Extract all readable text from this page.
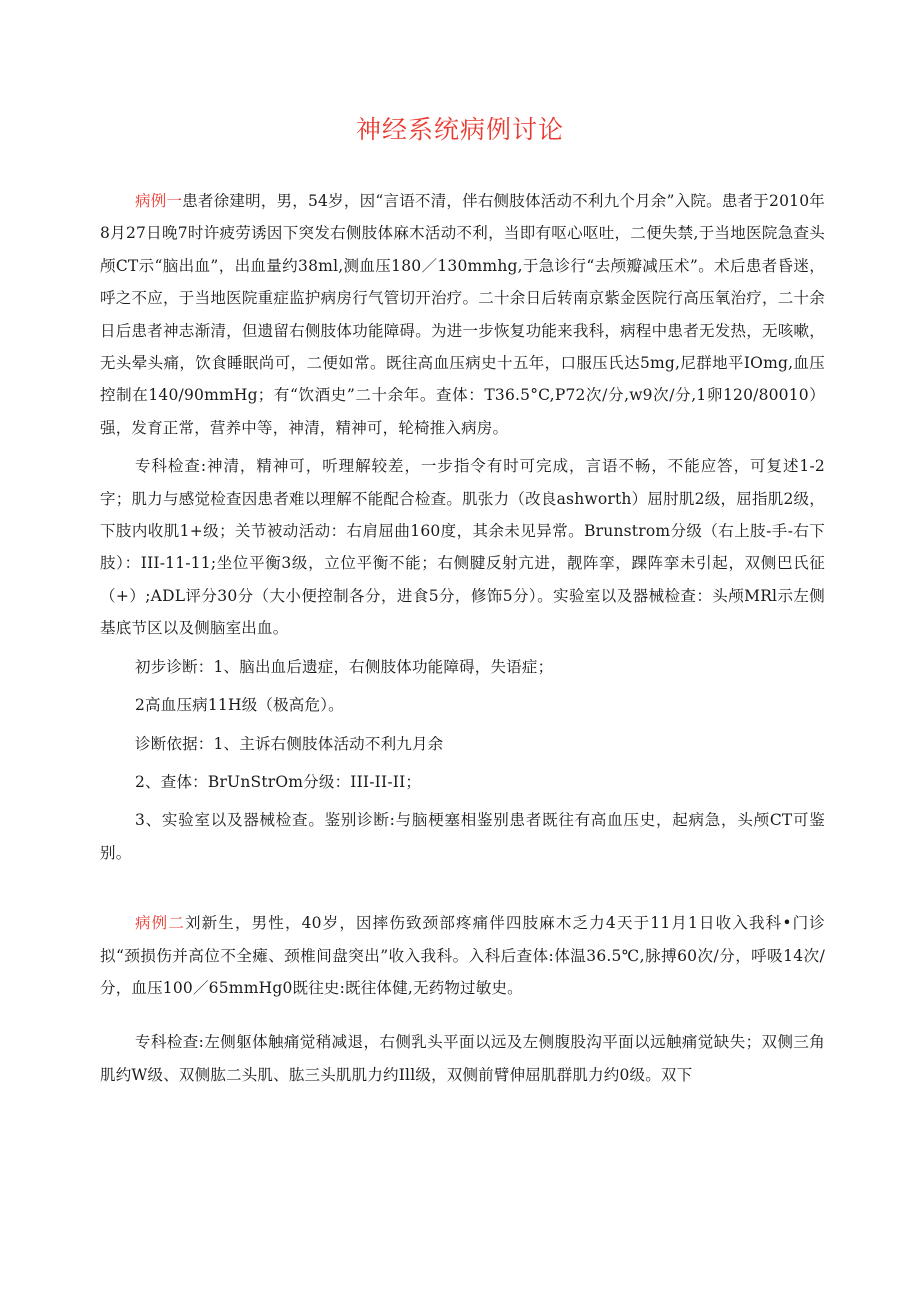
神经系统病例讨论

病例一患者徐建明，男，54岁，因“言语不清，伴右侧肢体活动不利九个月余”入院。患者于2010年8月27日晚7时许疲劳诱因下突发右侧肢体麻木活动不利，当即有呕心呕吐，二便失禁,于当地医院急查头颅CT示“脑出血”，出血量约38ml,测血压180／130mmhg,于急诊行“去颅瓣减压术”。术后患者昏迷，呼之不应，于当地医院重症监护病房行气管切开治疗。二十余日后转南京紫金医院行高压氧治疗，二十余日后患者神志渐清，但遗留右侧肢体功能障碍。为进一步恢复功能来我科，病程中患者无发热，无咳嗽，无头晕头痛，饮食睡眠尚可，二便如常。既往高血压病史十五年，口服压氏达5mg,尼群地平IOmg,血压控制在140/90mmHg；有“饮酒史”二十余年。查体：T36.5°C,P72次/分,w9次/分,1卵120/80010）强，发育正常，营养中等，神清，精神可，轮椅推入病房。

专科检查:神清，精神可，听理解较差，一步指令有时可完成，言语不畅，不能应答，可复述1-2字；肌力与感觉检查因患者难以理解不能配合检查。肌张力（改良ashworth）屈肘肌2级，屈指肌2级，下肢内收肌1+级；关节被动活动：右肩屈曲160度，其余未见异常。Brunstrom分级（右上肢-手-右下肢）：III-11-11;坐位平衡3级，立位平衡不能；右侧腱反射亢进，靓阵挛，踝阵挛未引起，双侧巴氏征（+）;ADL评分30分（大小便控制各分，进食5分，修饰5分）。实验室以及器械检查：头颅MRl示左侧基底节区以及侧脑室出血。

初步诊断：1、脑出血后遗症，右侧肢体功能障碍，失语症；

2高血压病11H级（极高危）。

诊断依据：1、主诉右侧肢体活动不利九月余

2、查体：BrUnStrOm分级：III-II-II；

3、实验室以及器械检查。鉴别诊断:与脑梗塞相鉴别患者既往有高血压史，起病急，头颅CT可鉴别。

病例二刘新生，男性，40岁，因摔伤致颈部疼痛伴四肢麻木乏力4天于11月1日收入我科•门诊拟“颈损伤并高位不全瘫、颈椎间盘突出”收入我科。入科后查体:体温36.5℃,脉搏60次/分，呼吸14次/分，血压100／65mmHg0既往史:既往体健,无药物过敏史。

专科检查:左侧躯体触痛觉稍减退，右侧乳头平面以远及左侧腹股沟平面以远触痛觉缺失；双侧三角肌约W级、双侧肱二头肌、肱三头肌肌力约Ill级，双侧前臂伸屈肌群肌力约0级。双下
